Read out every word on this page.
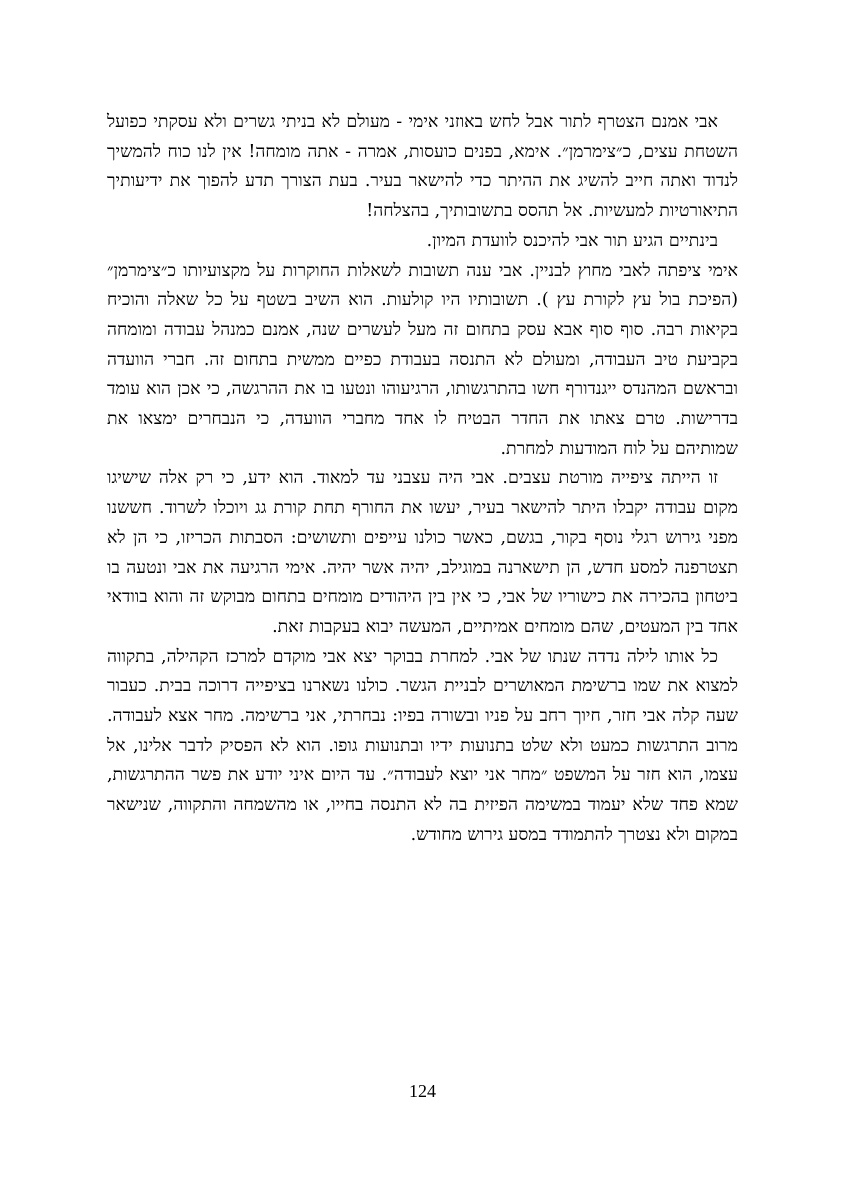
אבי אמנם הצטרף לתור אבל לחש באוזני אימי - מעולם לא בניתי גשרים ולא עסקתי כפועל השטחת עצים, כ״צימרמן״. אימא, בפנים כועסות, אמרה - אתה מומחה! אין לנו כוח להמשיך לנדוד ואתה חייב להשיג את ההיתר כדי להישאר בעיר. בעת הצורך תדע להפוך את ידיעותיך התיאורטיות למעשיות. אל תהסס בתשובותיך, בהצלחה!

בינתיים הגיע תור אבי להיכנס לוועדת המיון.

אימי ציפתה לאבי מחוץ לבניין. אבי ענה תשובות לשאלות החוקרות על מקצועיותו כ״צימרמן״ (הפיכת בול עץ לקורת עץ ). תשובותיו היו קולעות. הוא השיב בשטף על כל שאלה והוכיח בקיאות רבה. סוף סוף אבא עסק בתחום זה מעל לעשרים שנה, אמנם כמנהל עבודה ומומחה בקביעת טיב העבודה, ומעולם לא התנסה בעבודת כפיים ממשית בתחום זה. חברי הוועדה ובראשם המהנדס ייגנדורף חשו בהתרגשותו, הרגיעוהו ונטעו בו את ההרגשה, כי אכן הוא עומד בדרישות. טרם צאתו את החדר הבטיח לו אחד מחברי הוועדה, כי הנבחרים ימצאו את שמותיהם על לוח המודעות למחרת.

זו הייתה ציפייה מורטת עצבים. אבי היה עצבני עד למאוד. הוא ידע, כי רק אלה שישיגו מקום עבודה יקבלו היתר להישאר בעיר, יעשו את החורף תחת קורת גג ויוכלו לשרוד. חששנו מפני גירוש רגלי נוסף בקור, בגשם, כאשר כולנו עייפים ותשושים: הסבתות הכריזו, כי הן לא תצטרפנה למסע חדש, הן תישארנה במוגילב, יהיה אשר יהיה. אימי הרגיעה את אבי ונטעה בו ביטחון בהכירה את כישוריו של אבי, כי אין בין היהודים מומחים בתחום מבוקש זה והוא בוודאי אחד בין המעטים, שהם מומחים אמיתיים, המעשה יבוא בעקבות זאת.

כל אותו לילה נדדה שנתו של אבי. למחרת בבוקר יצא אבי מוקדם למרכז הקהילה, בתקווה למצוא את שמו ברשימת המאושרים לבניית הגשר. כולנו נשארנו בציפייה דרוכה בבית. כעבור שעה קלה אבי חזר, חיוך רחב על פניו ובשורה בפיו: נבחרתי, אני ברשימה. מחר אצא לעבודה. מרוב התרגשות כמעט ולא שלט בתנועות ידיו ובתנועות גופו. הוא לא הפסיק לדבר אלינו, אל עצמו, הוא חזר על המשפט ״מחר אני יוצא לעבודה״. עד היום איני יודע את פשר ההתרגשות, שמא פחד שלא יעמוד במשימה הפיזית בה לא התנסה בחייו, או מהשמחה והתקווה, שנישאר במקום ולא נצטרך להתמודד במסע גירוש מחודש.

124
